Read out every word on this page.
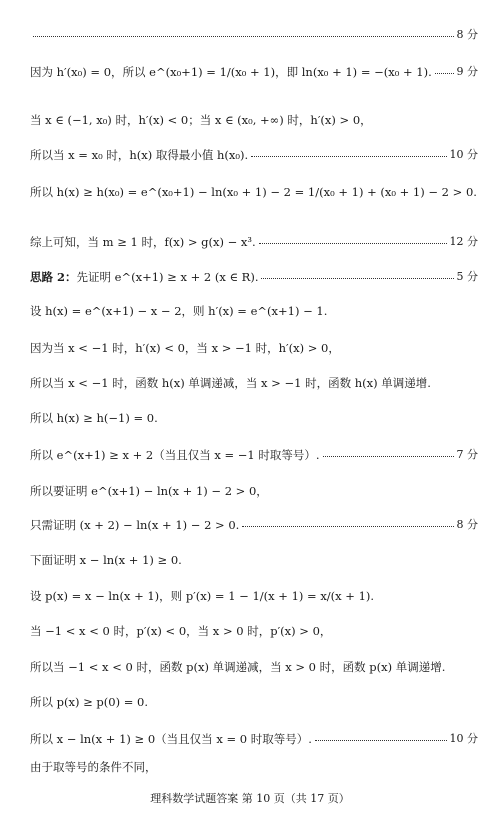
8 分
因为 h′(x₀) = 0，所以 e^(x₀+1) = 1/(x₀ + 1)，即 ln(x₀ + 1) = −(x₀ + 1). 9 分
当 x ∈ (−1, x₀) 时，h′(x) < 0；当 x ∈ (x₀, +∞) 时，h′(x) > 0，
所以当 x = x₀ 时，h(x) 取得最小值 h(x₀).	10 分
所以 h(x) ≥ h(x₀) = e^(x₀+1) − ln(x₀ + 1) − 2 = 1/(x₀ + 1) + (x₀ + 1) − 2 > 0.
综上可知，当 m ≥ 1 时，f(x) > g(x) − x³.	12 分
思路 2：先证明 e^(x+1) ≥ x + 2 (x ∈ R).	5 分
设 h(x) = e^(x+1) − x − 2，则 h′(x) = e^(x+1) − 1.
因为当 x < −1 时，h′(x) < 0，当 x > −1 时，h′(x) > 0，
所以当 x < −1 时，函数 h(x) 单调递减，当 x > −1 时，函数 h(x) 单调递增.
所以 h(x) ≥ h(−1) = 0.
所以 e^(x+1) ≥ x + 2（当且仅当 x = −1 时取等号）.	7 分
所以要证明 e^(x+1) − ln(x + 1) − 2 > 0，
只需证明 (x + 2) − ln(x + 1) − 2 > 0.	8 分
下面证明 x − ln(x + 1) ≥ 0.
设 p(x) = x − ln(x + 1)，则 p′(x) = 1 − 1/(x + 1) = x/(x + 1).
当 −1 < x < 0 时，p′(x) < 0，当 x > 0 时，p′(x) > 0，
所以当 −1 < x < 0 时，函数 p(x) 单调递减，当 x > 0 时，函数 p(x) 单调递增.
所以 p(x) ≥ p(0) = 0.
所以 x − ln(x + 1) ≥ 0（当且仅当 x = 0 时取等号）.	10 分
由于取等号的条件不同，
理科数学试题答案 第 10 页（共 17 页）
